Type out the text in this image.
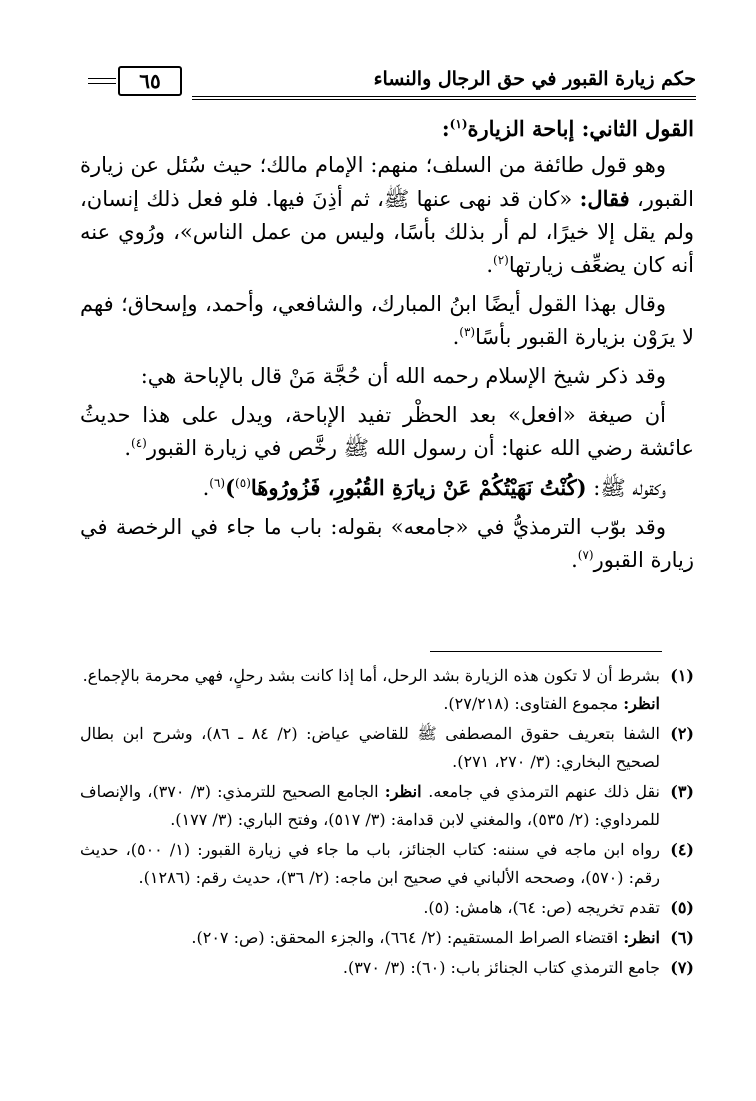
حكم زيارة القبور في حق الرجال والنساء
٦٥
القول الثاني: إباحة الزيارة$^{(١)}$:

وهو قول طائفة من السلف؛ منهم: الإمام مالك؛ حيث سُئل عن زيارة القبور، فقال: «كان قد نهى عنها ﷺ، ثم أذِنَ فيها. فلو فعل ذلك إنسان، ولم يقل إلا خيرًا، لم أر بذلك بأسًا، وليس من عمل الناس»، ورُوي عنه أنه كان يضعِّف زيارتها$^{(٢)}$.

وقال بهذا القول أيضًا ابنُ المبارك، والشافعي، وأحمد، وإسحاق؛ فهم لا يرَوْن بزيارة القبور بأسًا$^{(٣)}$.

وقد ذكر شيخ الإسلام رحمه الله أن حُجَّة مَنْ قال بالإباحة هي:

أن صيغة «افعل» بعد الحظْر تفيد الإباحة، ويدل على هذا حديثُ عائشة رضي الله عنها: أن رسول الله ﷺ رخَّص في زيارة القبور$^{(٤)}$.

وكقوله ﷺ: (كُنْتُ نَهَيْتُكُمْ عَنْ زيارَةِ القُبُورِ، فَزُورُوهَا$^{(٥)}$)$^{(٦)}$.

وقد بوّب الترمذيُّ في «جامعه» بقوله: باب ما جاء في الرخصة في زيارة القبور$^{(٧)}$.

(١)
بشرط أن لا تكون هذه الزيارة بشد الرحل، أما إذا كانت بشد رحلٍ، فهي محرمة بالإجماع.
انظر: مجموع الفتاوى: (٢٧/٢١٨).
(٢)
الشفا بتعريف حقوق المصطفى ﷺ للقاضي عياض: (٢/ ٨٤ ـ ٨٦)، وشرح ابن بطال لصحيح البخاري: (٣/ ٢٧٠، ٢٧١).
(٣)
نقل ذلك عنهم الترمذي في جامعه. انظر: الجامع الصحيح للترمذي: (٣/ ٣٧٠)، والإنصاف للمرداوي: (٢/ ٥٣٥)، والمغني لابن قدامة: (٣/ ٥١٧)، وفتح الباري: (٣/ ١٧٧).
(٤)
رواه ابن ماجه في سننه: كتاب الجنائز، باب ما جاء في زيارة القبور: (١/ ٥٠٠)، حديث رقم: (٥٧٠)، وصححه الألباني في صحيح ابن ماجه: (٢/ ٣٦)، حديث رقم: (١٢٨٦).
(٥)
تقدم تخريجه (ص: ٦٤)، هامش: (٥).
(٦)
انظر: اقتضاء الصراط المستقيم: (٢/ ٦٦٤)، والجزء المحقق: (ص: ٢٠٧).
(٧)
جامع الترمذي كتاب الجنائز باب: (٦٠): (٣/ ٣٧٠).
